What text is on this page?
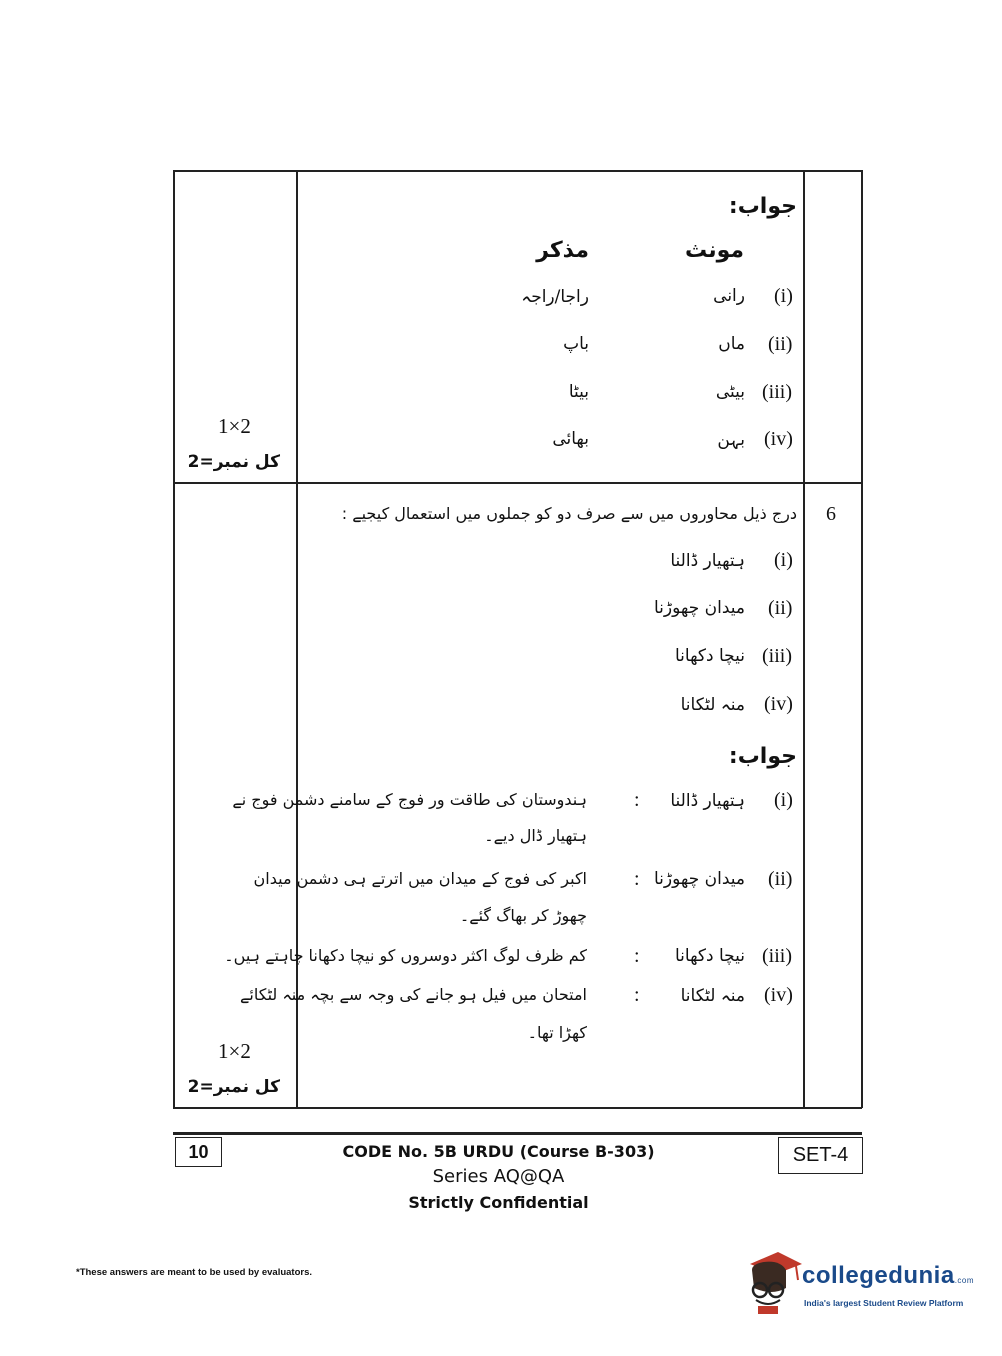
جواب:
مونث
مذکر
(i)
رانی
راجا/راجہ
(ii)
ماں
باپ
(iii)
بیٹی
بیٹا
(iv)
بہن
بھائی
1×2
کل نمبر=2
6
درج ذیل محاوروں میں سے صرف دو کو جملوں میں استعمال کیجیے :
(i)
ہتھیار ڈالنا
(ii)
میدان چھوڑنا
(iii)
نیچا دکھانا
(iv)
منہ لٹکانا
جواب:
(i)
ہتھیار ڈالنا
:
ہندوستان کی طاقت ور فوج کے سامنے دشمن فوج نے
ہتھیار ڈال دیے۔
(ii)
میدان چھوڑنا
:
اکبر کی فوج کے میدان میں اترتے ہی دشمن میدان
چھوڑ کر بھاگ گئے۔
(iii)
نیچا دکھانا
:
کم ظرف لوگ اکثر دوسروں کو نیچا دکھانا چاہتے ہیں۔
(iv)
منہ لٹکانا
:
امتحان میں فیل ہو جانے کی وجہ سے بچہ منہ لٹکائے
کھڑا تھا۔
1×2
کل نمبر=2
10	CODE No. 5B URDU (Course B-303)
Series AQ@QA
Strictly Confidential
SET-4
*These answers are meant to be used by evaluators.	collegedunia.com
India's largest Student Review Platform
